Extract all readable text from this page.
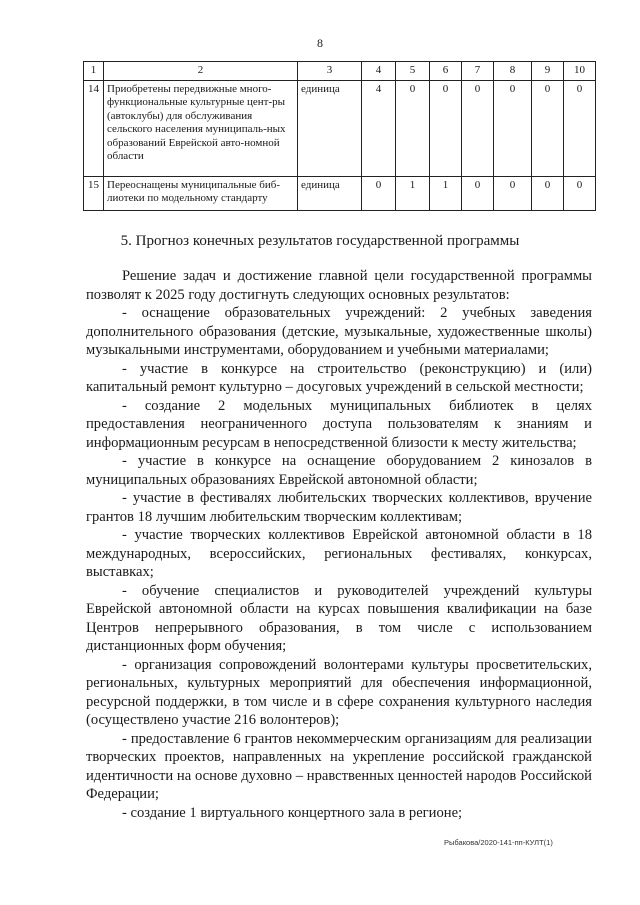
8
1	2	3	4	5	6	7	8	9	10
14	Приобретены передвижные много-функциональные культурные цент-ры (автоклубы) для обслуживания сельского населения муниципаль-ных образований Еврейской авто-номной области	единица	4	0	0	0	0	0	0
15	Переоснащены муниципальные биб-лиотеки по модельному стандарту	единица	0	1	1	0	0	0	0
5. Прогноз конечных результатов государственной программы

Решение задач и достижение главной цели государственной программы позволят к 2025 году достигнуть следующих основных результатов:

- оснащение образовательных учреждений: 2 учебных заведения дополнительного образования (детские, музыкальные, художественные школы) музыкальными инструментами, оборудованием и учебными материалами;

- участие в конкурсе на строительство (реконструкцию) и (или) капитальный ремонт культурно – досуговых учреждений в сельской местности;

- создание 2 модельных муниципальных библиотек в целях предоставления неограниченного доступа пользователям к знаниям и информационным ресурсам в непосредственной близости к месту жительства;

- участие в конкурсе на оснащение оборудованием 2 кинозалов в муниципальных образованиях Еврейской автономной области;

- участие в фестивалях любительских творческих коллективов, вручение грантов 18 лучшим любительским творческим коллективам;

- участие творческих коллективов Еврейской автономной области в 18 международных, всероссийских, региональных фестивалях, конкурсах, выставках;

- обучение специалистов и руководителей учреждений культуры Еврейской автономной области на курсах повышения квалификации на базе Центров непрерывного образования, в том числе с использованием дистанционных форм обучения;

- организация сопровождений волонтерами культуры просветительских, региональных, культурных мероприятий для обеспечения информационной, ресурсной поддержки, в том числе и в сфере сохранения культурного наследия (осуществлено участие 216 волонтеров);

- предоставление 6 грантов некоммерческим организациям для реализации творческих проектов, направленных на укрепление российской гражданской идентичности на основе духовно – нравственных ценностей народов Российской Федерации;

- создание 1 виртуального концертного зала в регионе;

Рыбакова/2020-141-пп-КУЛТ(1)
